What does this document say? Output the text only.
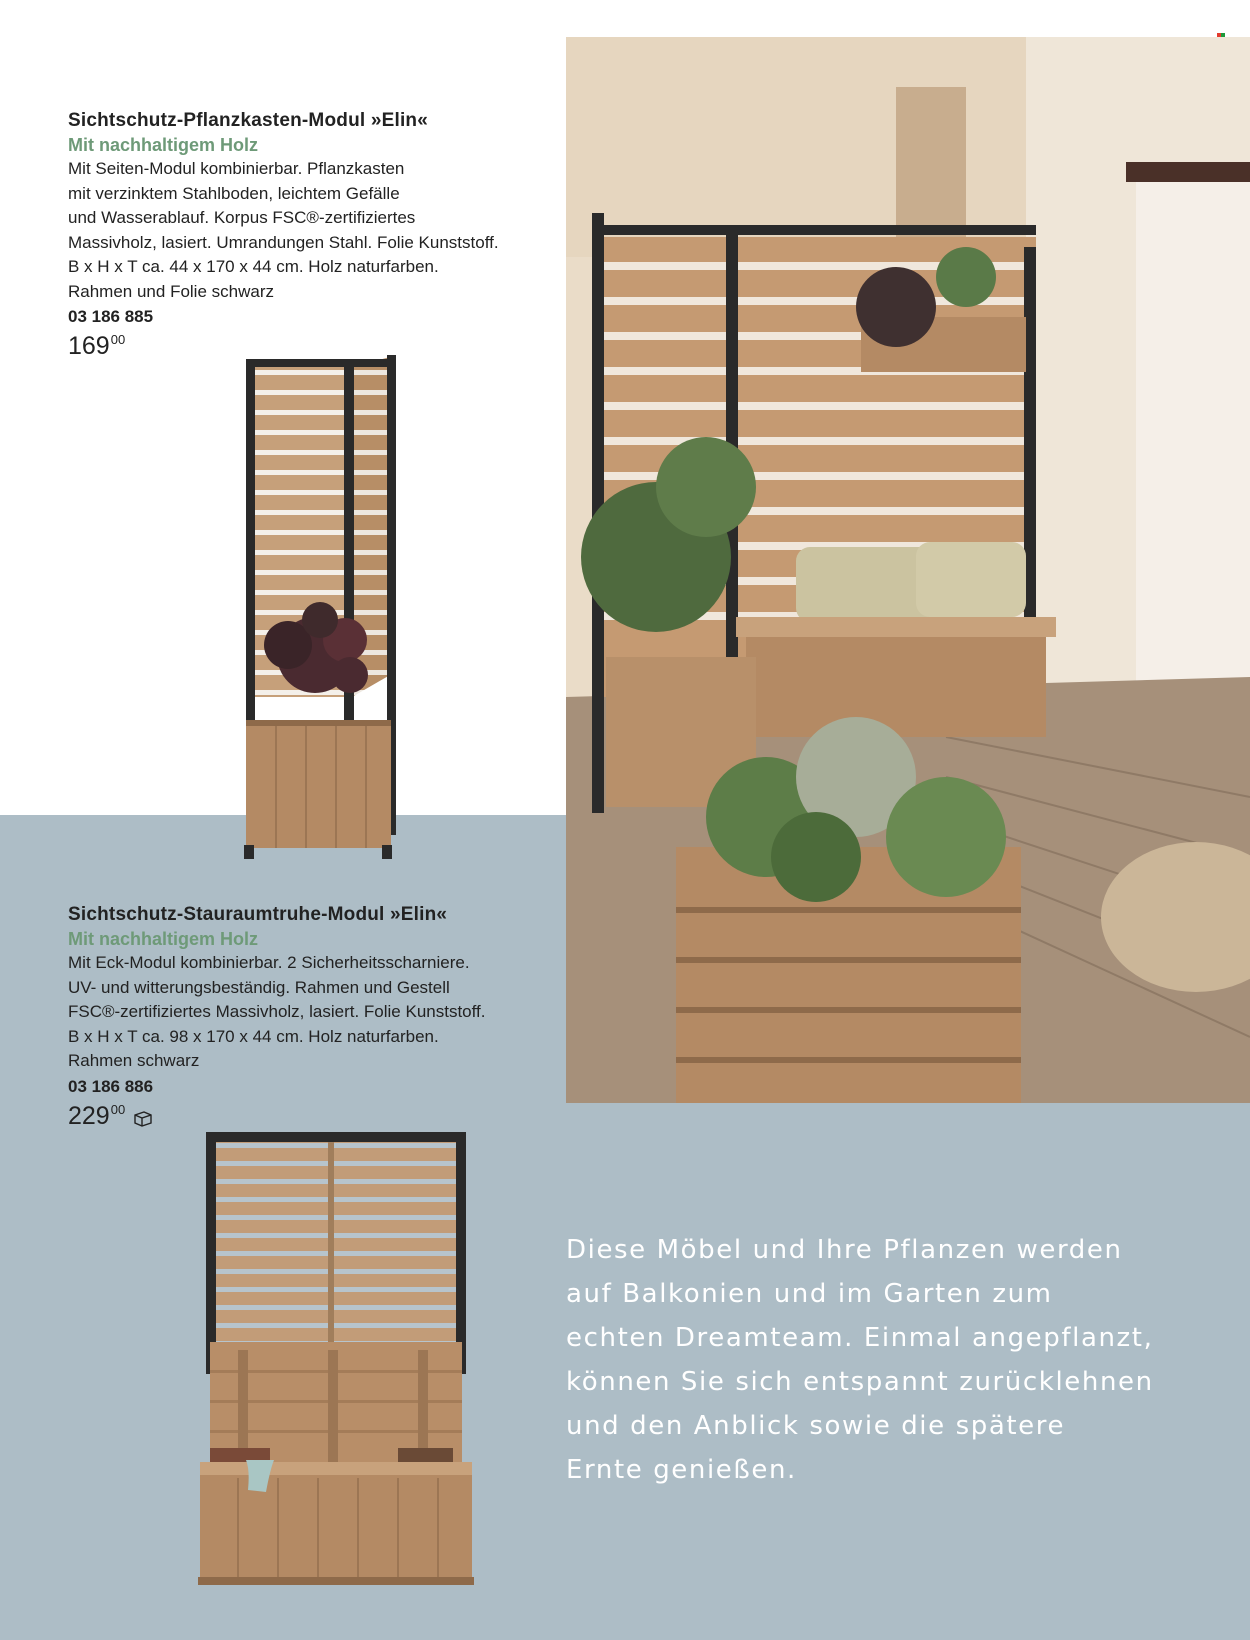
Sichtschutz-Pflanzkasten-Modul »Elin«
Mit nachhaltigem Holz
Mit Seiten-Modul kombinierbar. Pflanzkasten
mit verzinktem Stahlboden, leichtem Gefälle
und Wasserablauf. Korpus FSC®-zertifiziertes
Massivholz, lasiert. Umrandungen Stahl. Folie Kunststoff.
B x H x T ca. 44 x 170 x 44 cm. Holz naturfarben.
Rahmen und Folie schwarz
03 186 885
169 00
Sichtschutz-Stauraumtruhe-Modul »Elin«
Mit nachhaltigem Holz
Mit Eck-Modul kombinierbar. 2 Sicherheitsscharniere.
UV- und witterungsbeständig. Rahmen und Gestell
FSC®-zertifiziertes Massivholz, lasiert. Folie Kunststoff.
B x H x T ca. 98 x 170 x 44 cm. Holz naturfarben.
Rahmen schwarz
03 186 886
229 00
Diese Möbel und Ihre Pflanzen werden
auf Balkonien und im Garten zum
echten Dreamteam. Einmal angepflanzt,
können Sie sich entspannt zurücklehnen
und den Anblick sowie die spätere
Ernte genießen.
